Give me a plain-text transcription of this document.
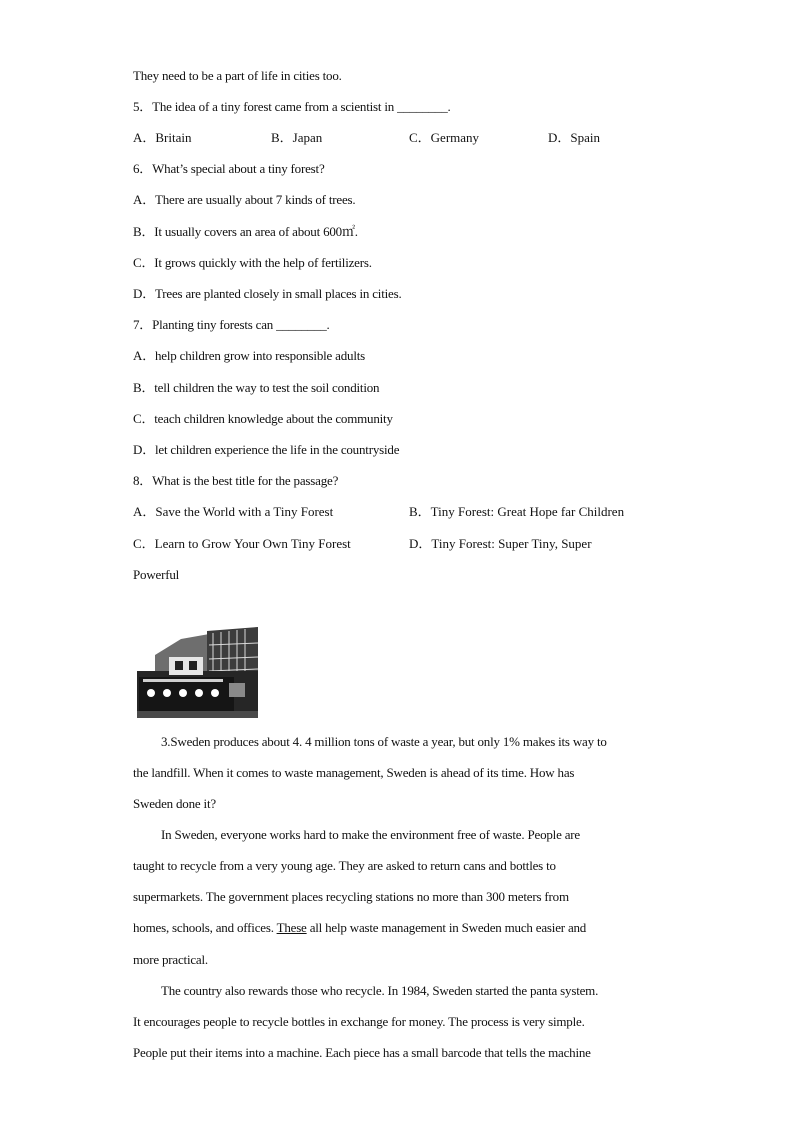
They need to be a part of life in cities too.
5．The idea of a tiny forest came from a scientist in ________.
A．Britain	B．Japan	C．Germany	D．Spain
6．What’s special about a tiny forest?
A．There are usually about 7 kinds of trees.
B．It usually covers an area of about 600㎡.
C．It grows quickly with the help of fertilizers.
D．Trees are planted closely in small places in cities.
7．Planting tiny forests can ________.
A．help children grow into responsible adults
B．tell children the way to test the soil condition
C．teach children knowledge about the community
D．let children experience the life in the countryside
8．What is the best title for the passage?
A．Save the World with a Tiny Forest	B．Tiny Forest: Great Hope far Children
C．Learn to Grow Your Own Tiny Forest	D．Tiny Forest: Super Tiny, Super
Powerful
3.Sweden produces about 4. 4 million tons of waste a year, but only 1% makes its way to
the landfill. When it comes to waste management, Sweden is ahead of its time. How has
Sweden done it?
In Sweden, everyone works hard to make the environment free of waste. People are
taught to recycle from a very young age. They are asked to return cans and bottles to
supermarkets. The government places recycling stations no more than 300 meters from
homes, schools, and offices. These all help waste management in Sweden much easier and
more practical.
The country also rewards those who recycle. In 1984, Sweden started the panta system.
It encourages people to recycle bottles in exchange for money. The process is very simple.
People put their items into a machine. Each piece has a small barcode that tells the machine
